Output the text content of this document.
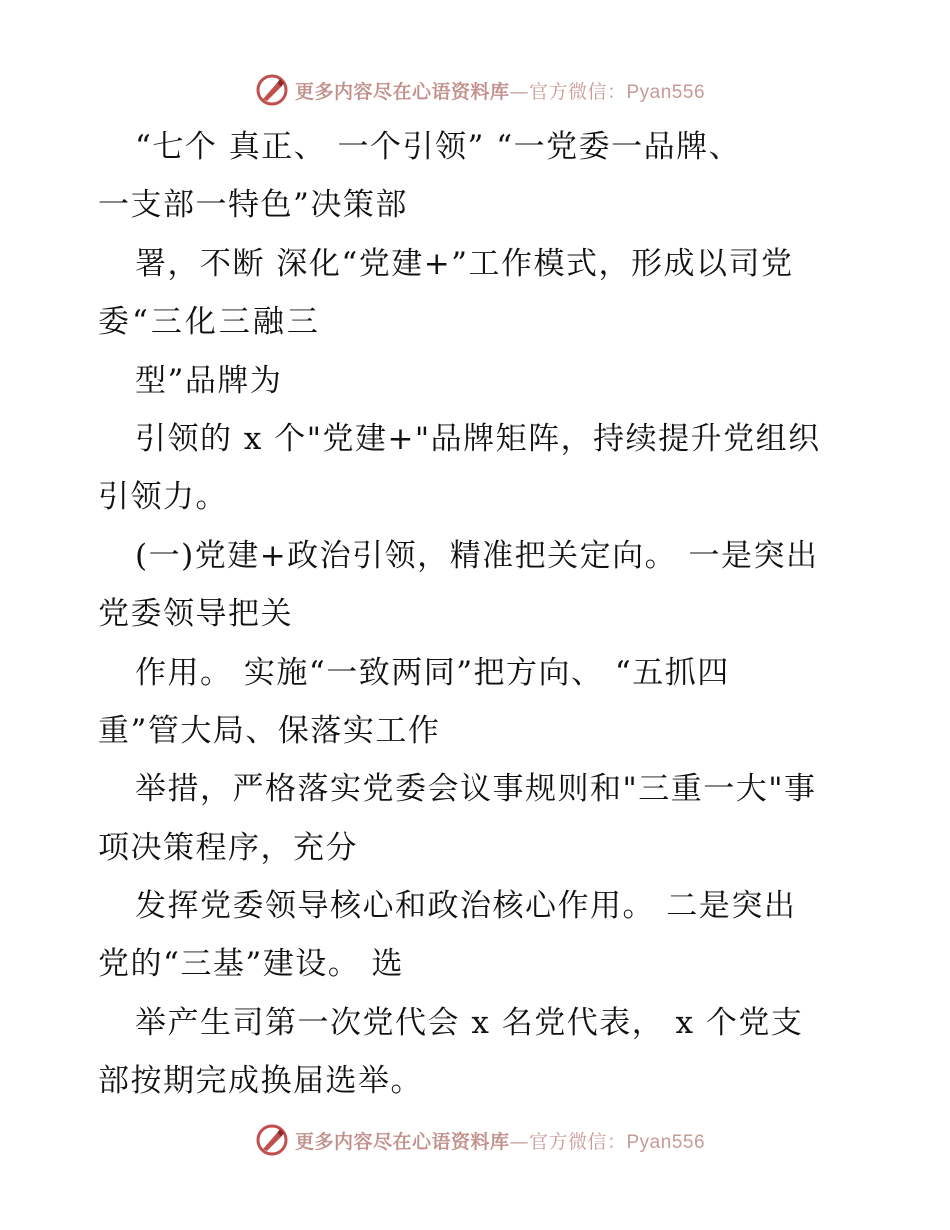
更多内容尽在心语资料库—官方微信：Pyan556
“七个 真正、 一个引领” “一党委一品牌、
一支部一特色”决策部
署，不断 深化“党建+”工作模式，形成以司党
委“三化三融三
型”品牌为
引领的 x 个"党建+"品牌矩阵，持续提升党组织
引领力。
(一)党建+政治引领，精准把关定向。 一是突出
党委领导把关
作用。 实施“一致两同”把方向、 “五抓四
重”管大局、保落实工作
举措，严格落实党委会议事规则和"三重一大"事
项决策程序，充分
发挥党委领导核心和政治核心作用。 二是突出
党的“三基”建设。 选
举产生司第一次党代会 x 名党代表， x 个党支
部按期完成换届选举。
更多内容尽在心语资料库—官方微信：Pyan556
